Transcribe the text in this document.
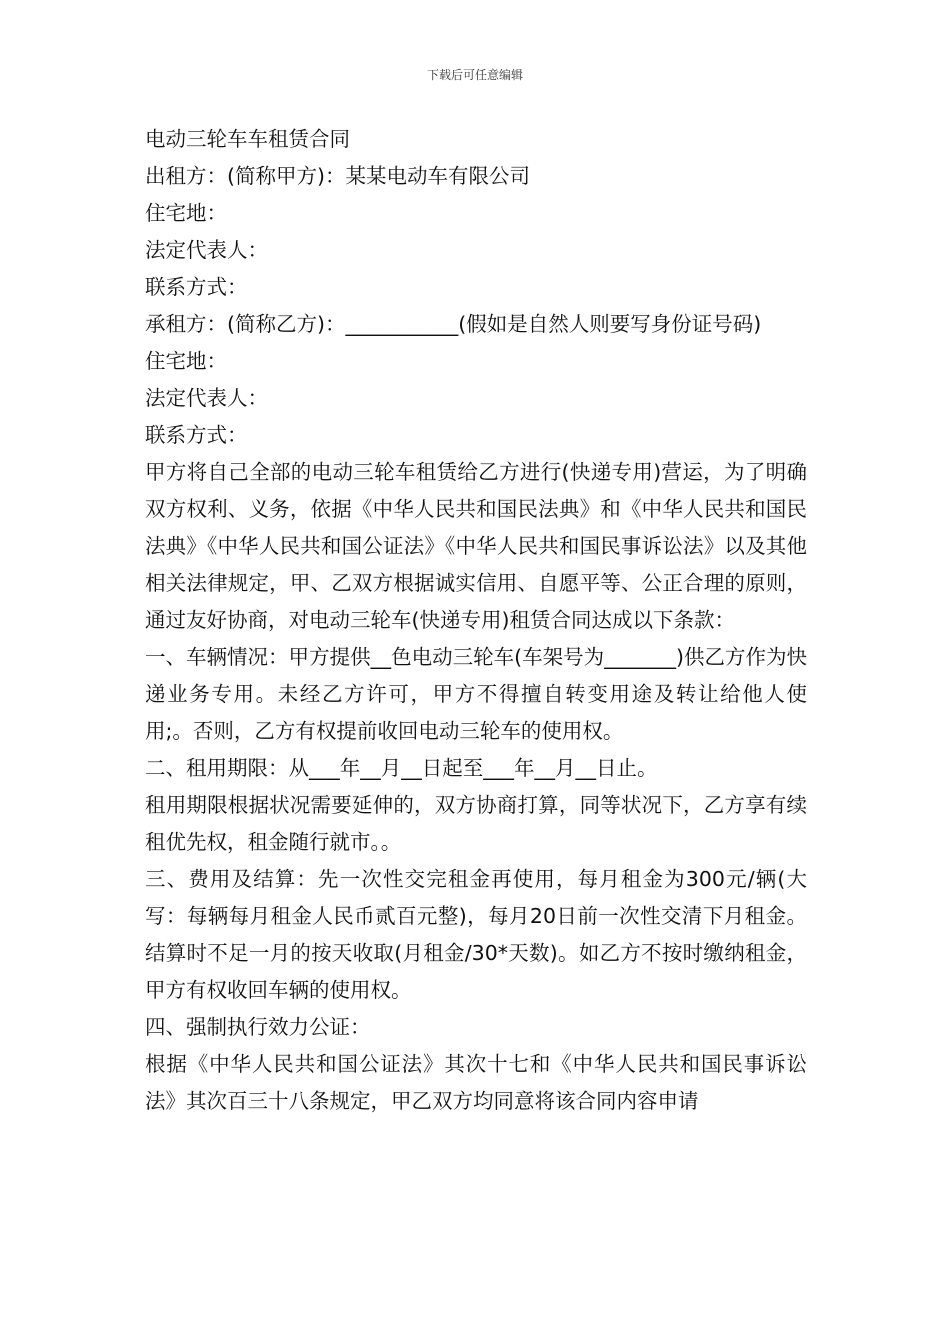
下载后可任意编辑

电动三轮车车租赁合同

出租方：(简称甲方)：某某电动车有限公司

住宅地：

法定代表人：

联系方式：

承租方：(简称乙方)：___________(假如是自然人则要写身份证号码)

住宅地：

法定代表人：

联系方式：

甲方将自己全部的电动三轮车租赁给乙方进行(快递专用)营运，为了明确双方权利、义务，依据《中华人民共和国民法典》和《中华人民共和国民法典》《中华人民共和国公证法》《中华人民共和国民事诉讼法》以及其他相关法律规定，甲、乙双方根据诚实信用、自愿平等、公正合理的原则，通过友好协商，对电动三轮车(快递专用)租赁合同达成以下条款：

一、车辆情况：甲方提供__色电动三轮车(车架号为_______)供乙方作为快递业务专用。未经乙方许可，甲方不得擅自转变用途及转让给他人使用;。否则，乙方有权提前收回电动三轮车的使用权。

二、租用期限：从___年__月__日起至___年__月__日止。

租用期限根据状况需要延伸的，双方协商打算，同等状况下，乙方享有续租优先权，租金随行就市。。

三、费用及结算：先一次性交完租金再使用，每月租金为300元/辆(大写：每辆每月租金人民币贰百元整)，每月20日前一次性交清下月租金。结算时不足一月的按天收取(月租金/30*天数)。如乙方不按时缴纳租金，甲方有权收回车辆的使用权。

四、强制执行效力公证：

根据《中华人民共和国公证法》其次十七和《中华人民共和国民事诉讼法》其次百三十八条规定，甲乙双方均同意将该合同内容申请
